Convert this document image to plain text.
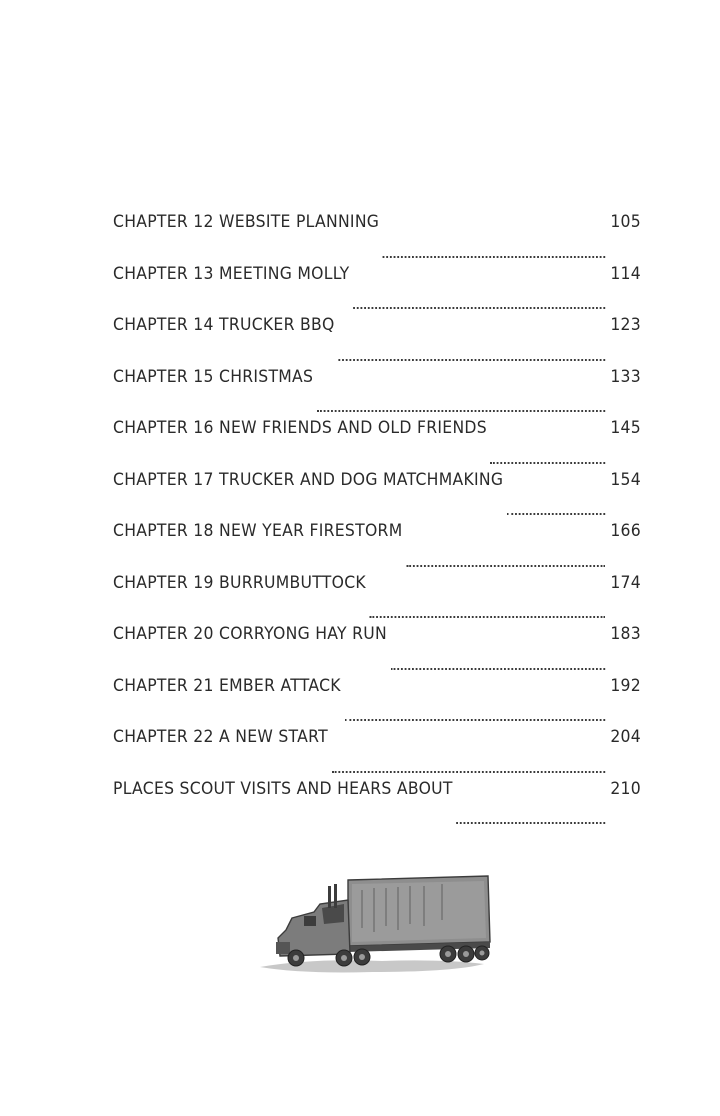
CHAPTER 12 WEBSITE PLANNING	105
CHAPTER 13 MEETING MOLLY	114
CHAPTER 14 TRUCKER BBQ	123
CHAPTER 15 CHRISTMAS	133
CHAPTER 16 NEW FRIENDS AND OLD FRIENDS	145
CHAPTER 17 TRUCKER AND DOG MATCHMAKING	154
CHAPTER 18 NEW YEAR FIRESTORM	166
CHAPTER 19 BURRUMBUTTOCK	174
CHAPTER 20 CORRYONG HAY RUN	183
CHAPTER 21 EMBER ATTACK	192
CHAPTER 22 A NEW START	204
PLACES SCOUT VISITS AND HEARS ABOUT	210
